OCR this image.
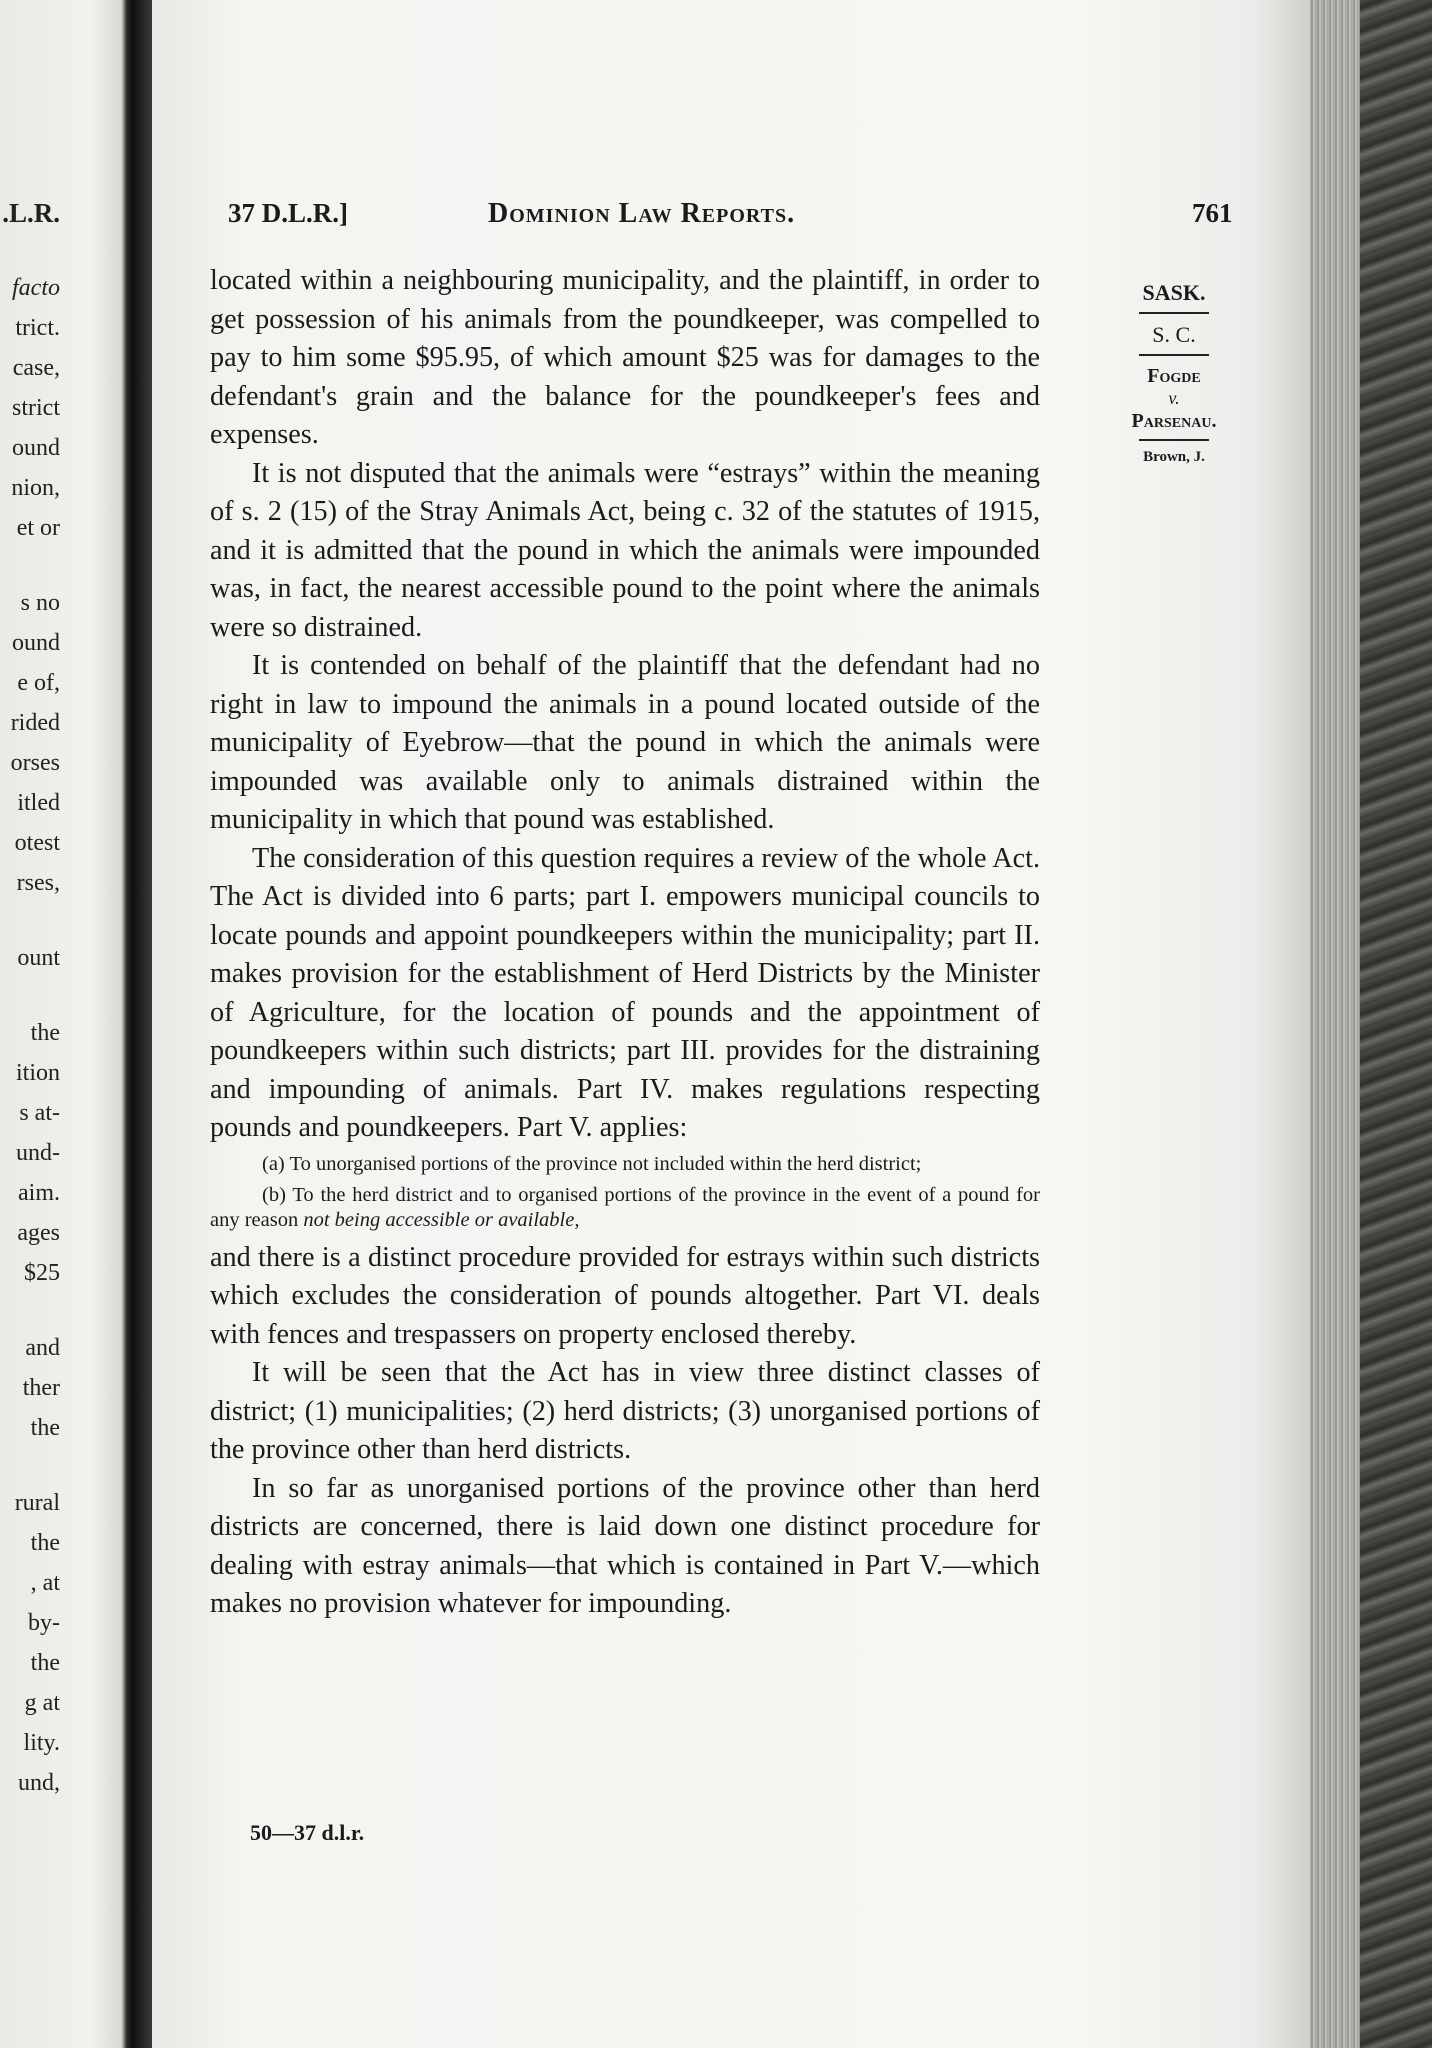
.L.R.
facto
trict.
case,
strict
ound
nion,
et or
s no
ound
e of,
rided
orses
itled
otest
rses,
ount
the
ition
s at-
und-
aim.
ages
$25
and
ther
the
rural
the
, at
by-
the
g at
lity.
und,
37 D.L.R.]	Dominion Law Reports.	761
SASK.
S. C.
Fogde
v.
Parsenau.
Brown, J.

located within a neighbouring municipality, and the plaintiff, in order to get possession of his animals from the poundkeeper, was compelled to pay to him some $95.95, of which amount $25 was for damages to the defendant's grain and the balance for the poundkeeper's fees and expenses.

It is not disputed that the animals were “estrays” within the meaning of s. 2 (15) of the Stray Animals Act, being c. 32 of the statutes of 1915, and it is admitted that the pound in which the animals were impounded was, in fact, the nearest accessible pound to the point where the animals were so distrained.

It is contended on behalf of the plaintiff that the defendant had no right in law to impound the animals in a pound located outside of the municipality of Eyebrow—that the pound in which the animals were impounded was available only to animals distrained within the municipality in which that pound was established.

The consideration of this question requires a review of the whole Act. The Act is divided into 6 parts; part I. empowers municipal councils to locate pounds and appoint poundkeepers within the municipality; part II. makes provision for the establishment of Herd Districts by the Minister of Agriculture, for the location of pounds and the appointment of poundkeepers within such districts; part III. provides for the distraining and impounding of animals. Part IV. makes regulations respecting pounds and poundkeepers. Part V. applies:

(a) To unorganised portions of the province not included within the herd district;

(b) To the herd district and to organised portions of the province in the event of a pound for any reason not being accessible or available,

and there is a distinct procedure provided for estrays within such districts which excludes the consideration of pounds altogether. Part VI. deals with fences and trespassers on property enclosed thereby.

It will be seen that the Act has in view three distinct classes of district; (1) municipalities; (2) herd districts; (3) unorganised portions of the province other than herd districts.

In so far as unorganised portions of the province other than herd districts are concerned, there is laid down one distinct procedure for dealing with estray animals—that which is contained in Part V.—which makes no provision whatever for impounding.

50—37 d.l.r.
